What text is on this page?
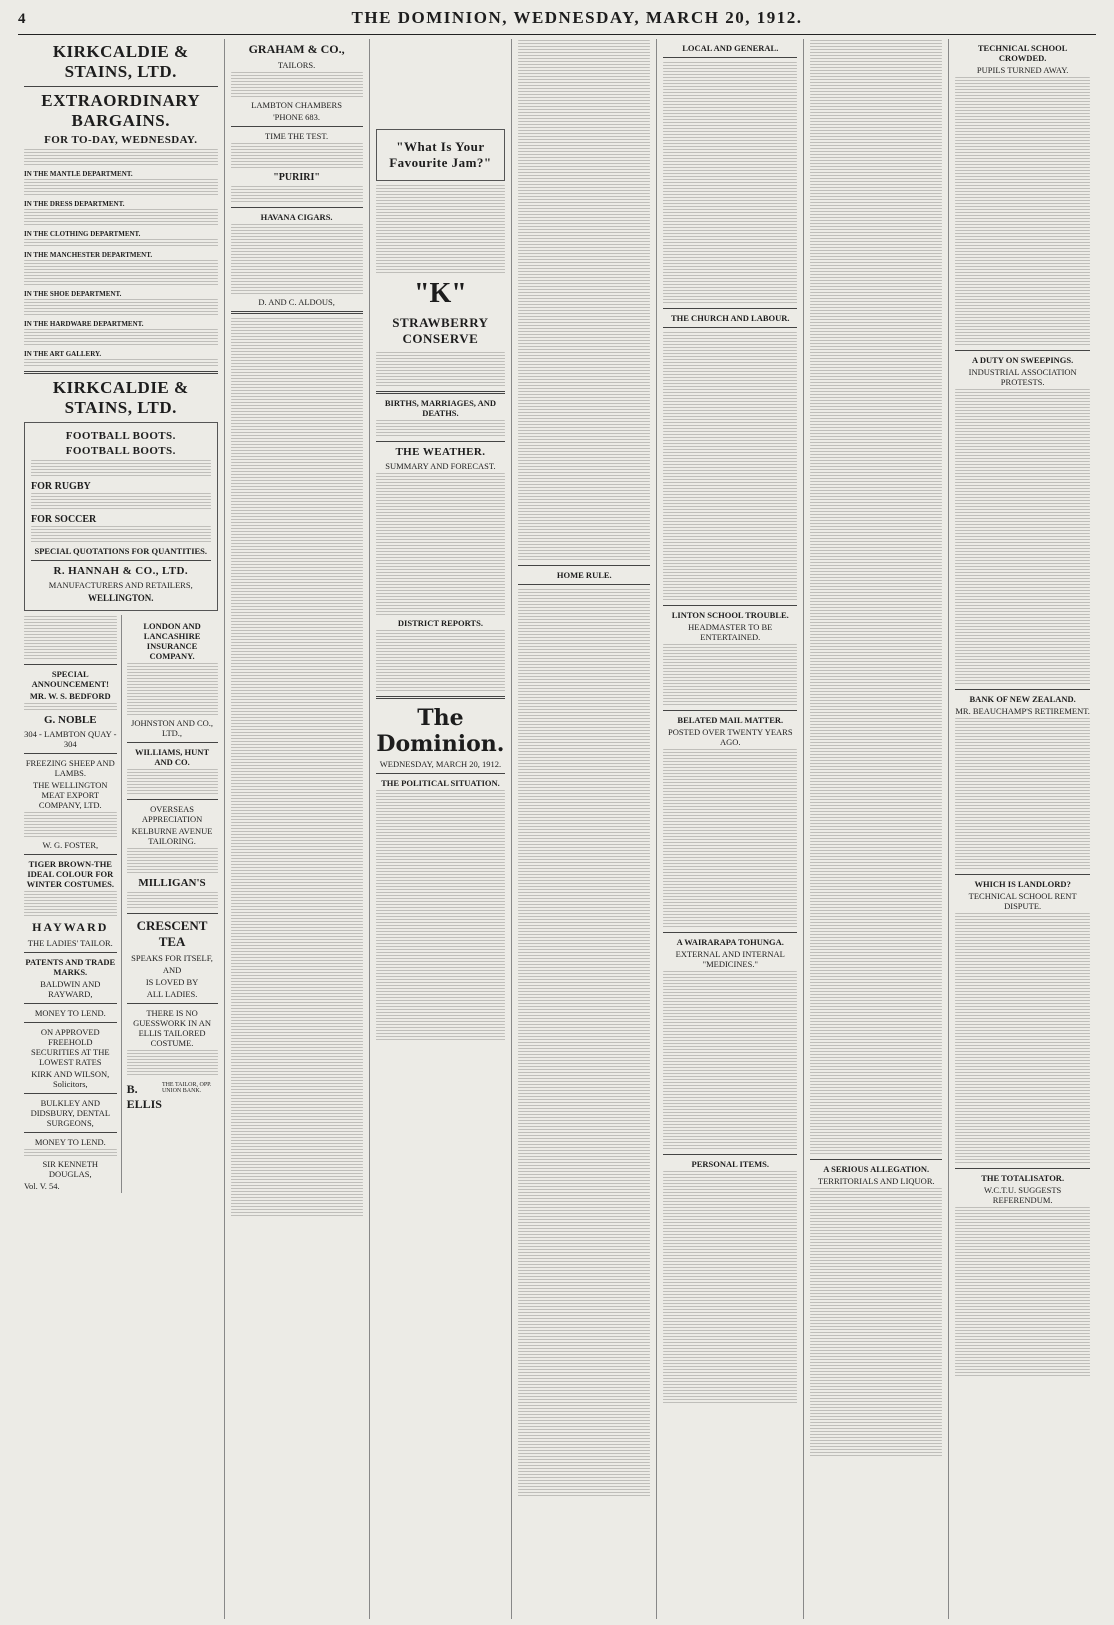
4	THE DOMINION, WEDNESDAY, MARCH 20, 1912.
KIRKCALDIE & STAINS, LTD.
EXTRAORDINARY BARGAINS.
FOR TO-DAY, WEDNESDAY.
IN THE MANTLE DEPARTMENT.
IN THE DRESS DEPARTMENT.
IN THE CLOTHING DEPARTMENT.
IN THE MANCHESTER DEPARTMENT.
IN THE SHOE DEPARTMENT.
IN THE HARDWARE DEPARTMENT.
IN THE ART GALLERY.
KIRKCALDIE & STAINS, LTD.
FOOTBALL BOOTS.
FOOTBALL BOOTS.
FOR RUGBY
FOR SOCCER
SPECIAL QUOTATIONS FOR QUANTITIES.
R. HANNAH & CO., LTD.
MANUFACTURERS AND RETAILERS,
WELLINGTON.
SPECIAL ANNOUNCEMENT!
MR. W. S. BEDFORD
G. NOBLE
304 - LAMBTON QUAY - 304
FREEZING SHEEP AND LAMBS.
THE WELLINGTON MEAT EXPORT COMPANY, LTD.
W. G. FOSTER,
TIGER BROWN-THE IDEAL COLOUR FOR WINTER COSTUMES.
HAYWARD
THE LADIES' TAILOR.
PATENTS AND TRADE MARKS.
BALDWIN AND RAYWARD,
MONEY TO LEND.
ON APPROVED FREEHOLD SECURITIES AT THE LOWEST RATES
KIRK AND WILSON, Solicitors,
BULKLEY AND DIDSBURY, DENTAL SURGEONS,
MONEY TO LEND.
SIR KENNETH DOUGLAS,
Vol. V. 54.
LONDON AND LANCASHIRE INSURANCE COMPANY.
JOHNSTON AND CO., LTD.,
WILLIAMS, HUNT AND CO.
OVERSEAS APPRECIATION
KELBURNE AVENUE TAILORING.
MILLIGAN'S
CRESCENT TEA
SPEAKS FOR ITSELF,
AND
IS LOVED BY
ALL LADIES.
THERE IS NO GUESSWORK IN AN ELLIS TAILORED COSTUME.
B. ELLIS
THE TAILOR, OPP. UNION BANK.
GRAHAM & CO.,
TAILORS.
LAMBTON CHAMBERS
'PHONE 683.
TIME THE TEST.
"PURIRI"
HAVANA CIGARS.
D. AND C. ALDOUS,
"What Is Your Favourite Jam?"
"K"
STRAWBERRY CONSERVE
BIRTHS, MARRIAGES, AND DEATHS.
THE WEATHER.
SUMMARY AND FORECAST.
DISTRICT REPORTS.
The Dominion.
WEDNESDAY, MARCH 20, 1912.
THE POLITICAL SITUATION.
HOME RULE.
LOCAL AND GENERAL.
THE CHURCH AND LABOUR.
LINTON SCHOOL TROUBLE.
HEADMASTER TO BE ENTERTAINED.
BELATED MAIL MATTER.
POSTED OVER TWENTY YEARS AGO.
A WAIRARAPA TOHUNGA.
EXTERNAL AND INTERNAL "MEDICINES."
PERSONAL ITEMS.	A SERIOUS ALLEGATION.
TERRITORIALS AND LIQUOR.
TECHNICAL SCHOOL CROWDED.
PUPILS TURNED AWAY.
A DUTY ON SWEEPINGS.
INDUSTRIAL ASSOCIATION PROTESTS.
BANK OF NEW ZEALAND.
MR. BEAUCHAMP'S RETIREMENT.
WHICH IS LANDLORD?
TECHNICAL SCHOOL RENT DISPUTE.
THE TOTALISATOR.
W.C.T.U. SUGGESTS REFERENDUM.
